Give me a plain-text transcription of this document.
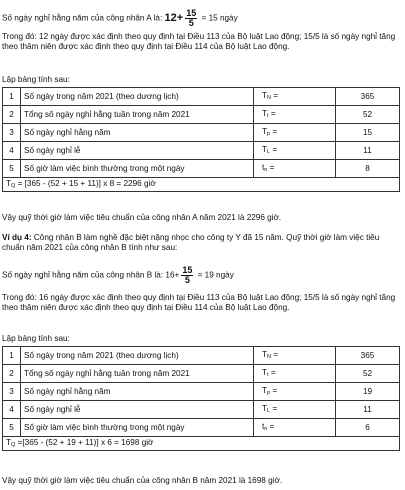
Số ngày nghỉ hằng năm của công nhân A là: $12+ \frac{15}{5} = 15$ ngày
Trong đó: 12 ngày được xác định theo quy định tại Điều 113 của Bộ luật Lao động; 15/5 là số ngày nghỉ tăng theo thâm niên được xác định theo quy định tại Điều 114 của Bộ luật Lao động.
Lập bảng tính sau:
1	Số ngày trong năm 2021 (theo dương lịch)	$T_N$ =	365
2	Tổng số ngày nghỉ hằng tuần trong năm 2021	$T_t$ =	52
3	Số ngày nghỉ hằng năm	$T_p$ =	15
4	Số ngày nghỉ lễ	$T_L$ =	11
5	Số giờ làm việc bình thường trong một ngày	$t_n$ =	8
$T_Q = [365 - (52 + 15 + 11)]$ x 8 = 2296 giờ			
Vậy quỹ thời giờ làm việc tiêu chuẩn của công nhân A năm 2021 là 2296 giờ.
Ví dụ 4: Công nhân B làm nghề đặc biệt nặng nhọc cho công ty Y đã 15 năm. Quỹ thời giờ làm việc tiêu chuẩn năm 2021 của công nhân B tính như sau:
Số ngày nghỉ hằng năm của công nhân B là: $16+ \frac{15}{5} = 19$ ngày
Trong đó: 16 ngày được xác định theo quy định tại Điều 113 của Bộ luật Lao động; 15/5 là số ngày nghỉ tăng theo thâm niên được xác định theo quy định tại Điều 114 của Bộ luật Lao động.
Lập bảng tính sau:
1	Số ngày trong năm 2021 (theo dương lịch)	$T_N$ =	365
2	Tổng số ngày nghỉ hằng tuần trong năm 2021	$T_t$ =	52
3	Số ngày nghỉ hằng năm	$T_p$ =	19
4	Số ngày nghỉ lễ	$T_L$ =	11
5	Số giờ làm việc bình thường trong một ngày	$t_n$ =	6
$T_Q =[365 - (52 + 19 + 11)]$ x 6 = 1698 giờ			
Vậy quỹ thời giờ làm việc tiêu chuẩn của công nhân B năm 2021 là 1698 giờ.
